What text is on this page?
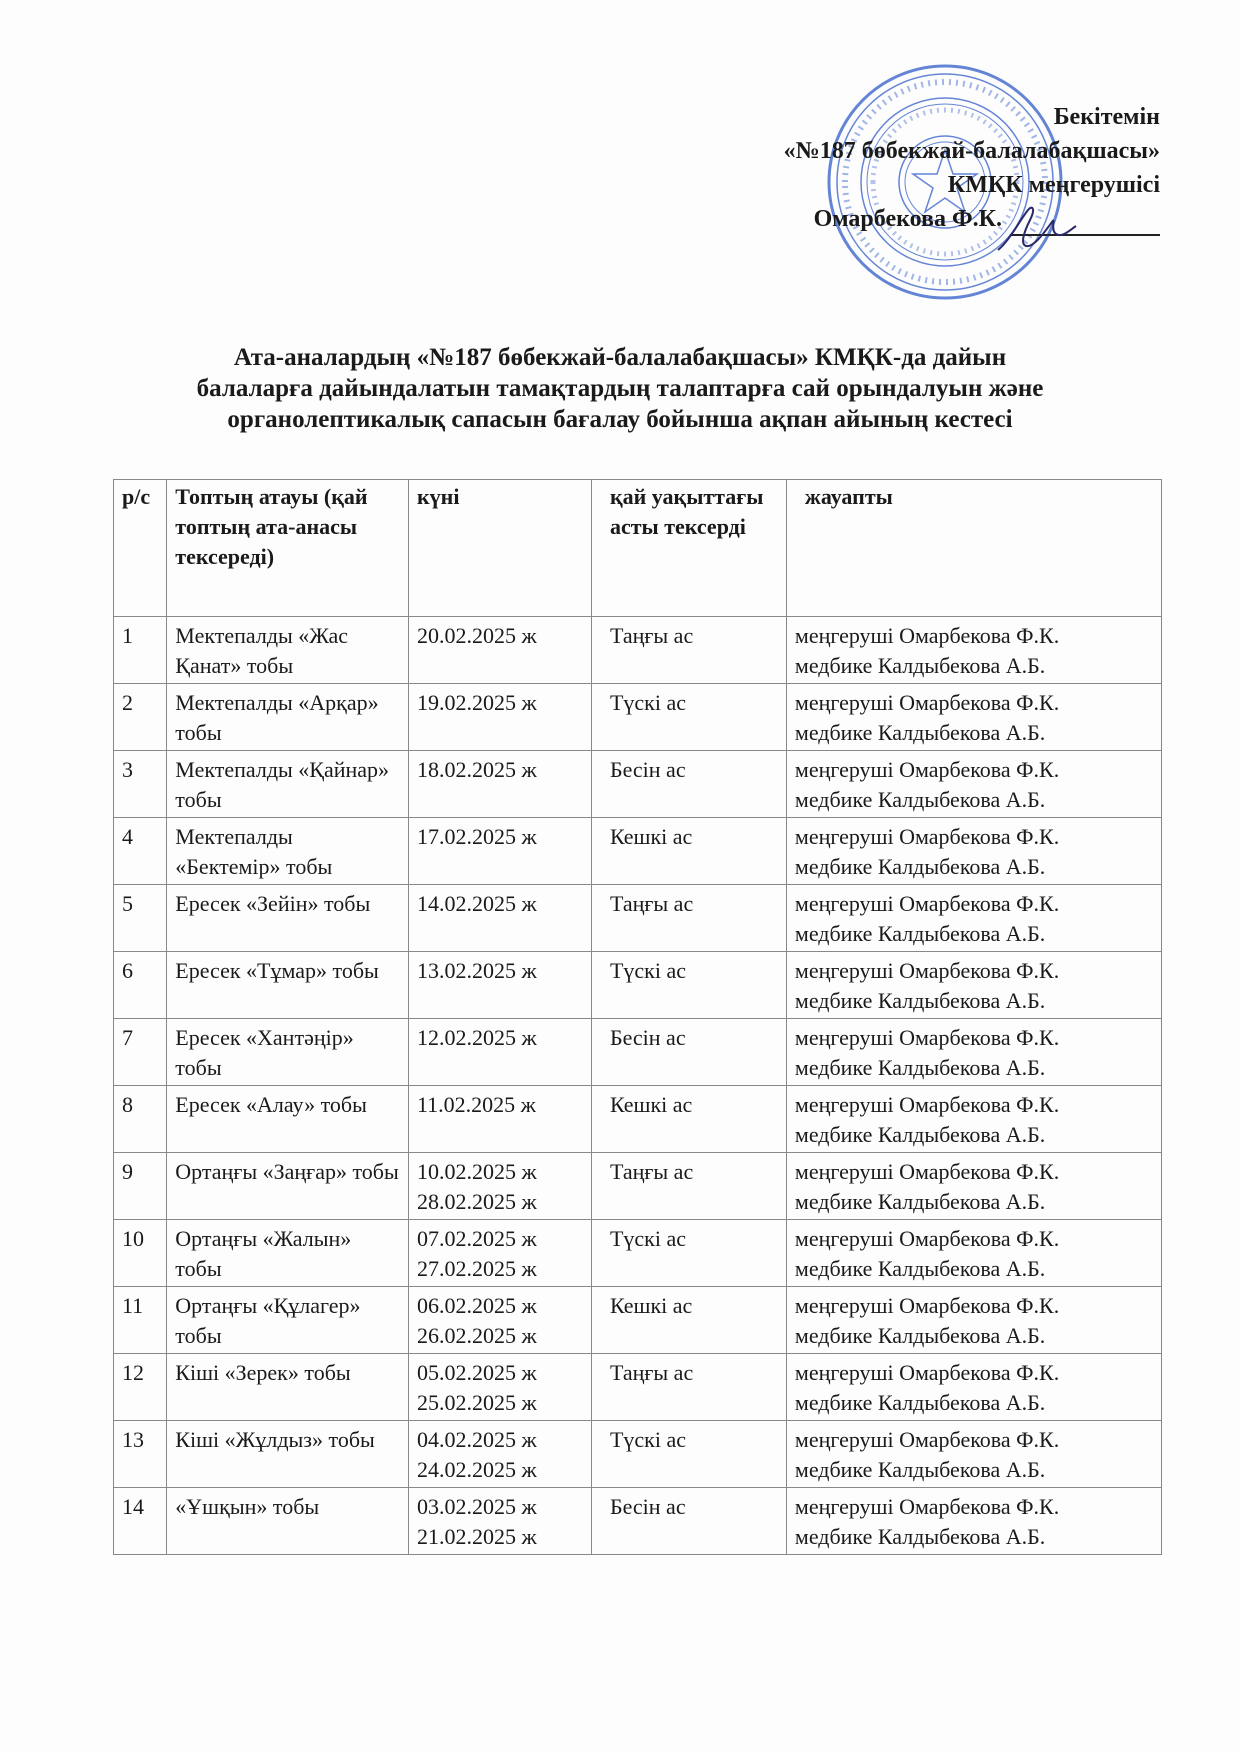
Бекітемін
«№187 бөбекжай-балалабақшасы»
КМҚК меңгерушісі
Омарбекова Ф.К.
Ата-аналардың «№187 бөбекжай-балалабақшасы» КМҚК-да дайын
балаларға дайындалатын тамақтардың талаптарға сай орындалуын және
органолептикалық сапасын бағалау бойынша ақпан айының кестесі
р/с	Топтың атауы (қай топтың ата-анасы тексереді)	күні	қай уақыттағы асты тексерді	жауапты

1	Мектепалды «Жас Қанат» тобы	20.02.2025 ж	Таңғы ас	меңгеруші Омарбекова Ф.К.
медбике Калдыбекова А.Б.

2	Мектепалды «Арқар» тобы	19.02.2025 ж	Түскі ас	меңгеруші Омарбекова Ф.К.
медбике Калдыбекова А.Б.

3	Мектепалды «Қайнар» тобы	18.02.2025 ж	Бесін ас	меңгеруші Омарбекова Ф.К.
медбике Калдыбекова А.Б.

4	Мектепалды «Бектемір» тобы	17.02.2025 ж	Кешкі ас	меңгеруші Омарбекова Ф.К.
медбике Калдыбекова А.Б.

5	Ересек «Зейін» тобы	14.02.2025 ж	Таңғы ас	меңгеруші Омарбекова Ф.К.
медбике Калдыбекова А.Б.

6	Ересек «Тұмар» тобы	13.02.2025 ж	Түскі ас	меңгеруші Омарбекова Ф.К.
медбике Калдыбекова А.Б.

7	Ересек «Хантәңір» тобы	12.02.2025 ж	Бесін ас	меңгеруші Омарбекова Ф.К.
медбике Калдыбекова А.Б.

8	Ересек «Алау» тобы	11.02.2025 ж	Кешкі ас	меңгеруші Омарбекова Ф.К.
медбике Калдыбекова А.Б.

9	Ортаңғы «Заңғар» тобы	10.02.2025 ж
28.02.2025 ж	Таңғы ас	меңгеруші Омарбекова Ф.К.
медбике Калдыбекова А.Б.

10	Ортаңғы «Жалын» тобы	07.02.2025 ж
27.02.2025 ж	Түскі ас	меңгеруші Омарбекова Ф.К.
медбике Калдыбекова А.Б.

11	Ортаңғы «Құлагер» тобы	06.02.2025 ж
26.02.2025 ж	Кешкі ас	меңгеруші Омарбекова Ф.К.
медбике Калдыбекова А.Б.

12	Кіші «Зерек» тобы	05.02.2025 ж
25.02.2025 ж	Таңғы ас	меңгеруші Омарбекова Ф.К.
медбике Калдыбекова А.Б.

13	Кіші «Жұлдыз» тобы	04.02.2025 ж
24.02.2025 ж	Түскі ас	меңгеруші Омарбекова Ф.К.
медбике Калдыбекова А.Б.

14	«Ұшқын» тобы	03.02.2025 ж
21.02.2025 ж	Бесін ас	меңгеруші Омарбекова Ф.К.
медбике Калдыбекова А.Б.
